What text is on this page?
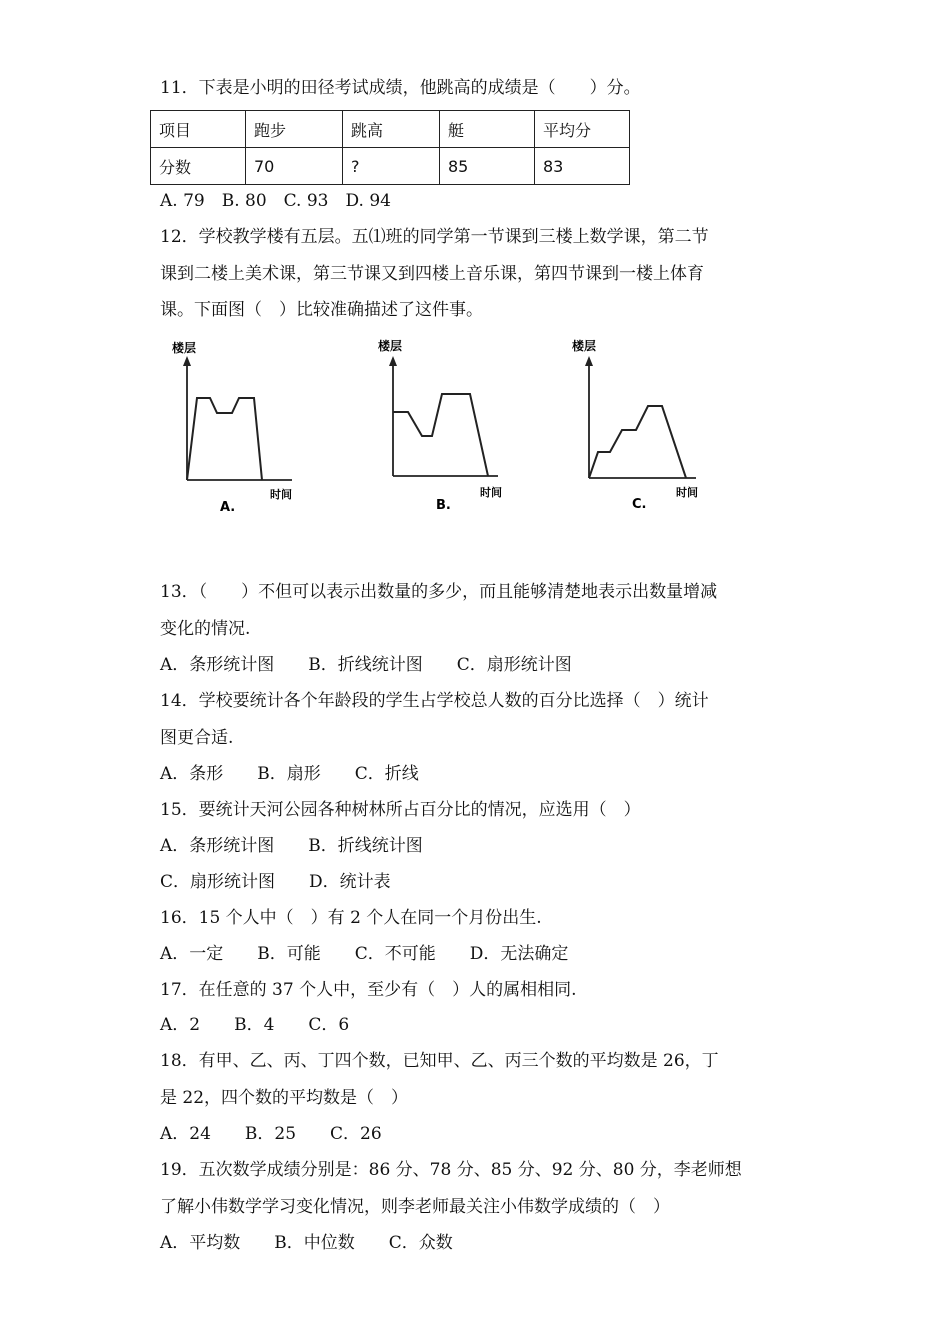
11．下表是小明的田径考试成绩，他跳高的成绩是（　　）分。
项目	跑步	跳高	艇	平均分
分数	70	?	85	83
A. 79　B. 80　C. 93　D. 94
12．学校教学楼有五层。五⑴班的同学第一节课到三楼上数学课，第二节
课到二楼上美术课，第三节课又到四楼上音乐课，第四节课到一楼上体育
课。下面图（　）比较准确描述了这件事。
楼层
时间
A.
楼层
时间
B.
楼层
时间
C.
13．（　　）不但可以表示出数量的多少，而且能够清楚地表示出数量增减
变化的情况.
A．条形统计图　　B．折线统计图　　C．扇形统计图
14．学校要统计各个年龄段的学生占学校总人数的百分比选择（　）统计
图更合适.
A．条形　　B．扇形　　C．折线
15．要统计天河公园各种树林所占百分比的情况，应选用（　）
A．条形统计图　　B．折线统计图
C．扇形统计图　　D．统计表
16．15 个人中（　）有 2 个人在同一个月份出生.
A．一定　　B．可能　　C．不可能　　D．无法确定
17．在任意的 37 个人中，至少有（　）人的属相相同.
A．2　　B．4　　C．6
18．有甲、乙、丙、丁四个数，已知甲、乙、丙三个数的平均数是 26，丁
是 22，四个数的平均数是（　）
A．24　　B．25　　C．26
19．五次数学成绩分别是：86 分、78 分、85 分、92 分、80 分，李老师想
了解小伟数学学习变化情况，则李老师最关注小伟数学成绩的（　）
A．平均数　　B．中位数　　C．众数
